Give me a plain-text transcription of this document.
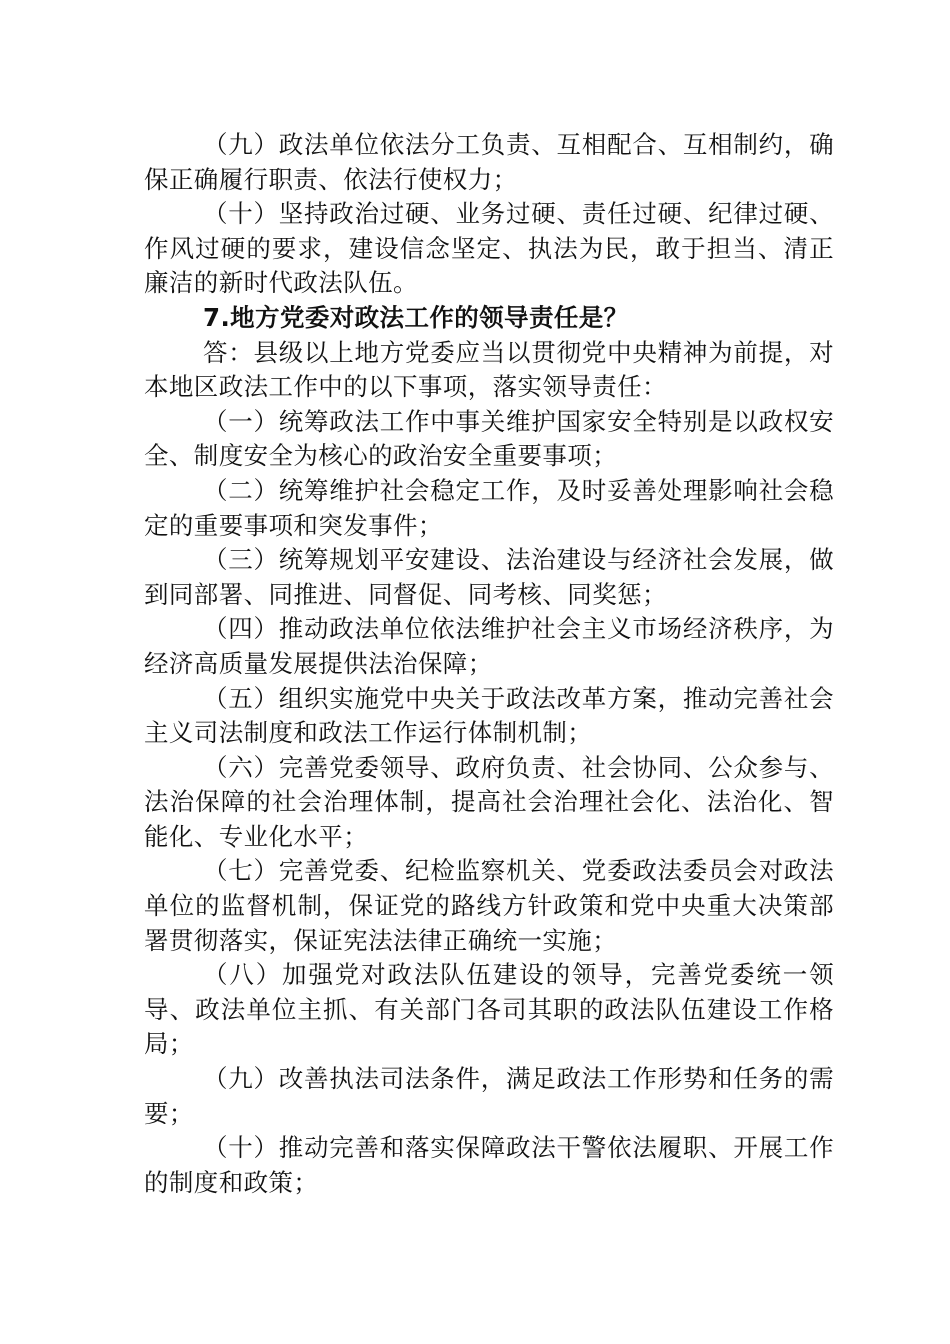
（九）政法单位依法分工负责、互相配合、互相制约，确保正确履行职责、依法行使权力；

（十）坚持政治过硬、业务过硬、责任过硬、纪律过硬、作风过硬的要求，建设信念坚定、执法为民，敢于担当、清正廉洁的新时代政法队伍。

7.地方党委对政法工作的领导责任是？

答：县级以上地方党委应当以贯彻党中央精神为前提，对本地区政法工作中的以下事项，落实领导责任：

（一）统筹政法工作中事关维护国家安全特别是以政权安全、制度安全为核心的政治安全重要事项；

（二）统筹维护社会稳定工作，及时妥善处理影响社会稳定的重要事项和突发事件；

（三）统筹规划平安建设、法治建设与经济社会发展，做到同部署、同推进、同督促、同考核、同奖惩；

（四）推动政法单位依法维护社会主义市场经济秩序，为经济高质量发展提供法治保障；

（五）组织实施党中央关于政法改革方案，推动完善社会主义司法制度和政法工作运行体制机制；

（六）完善党委领导、政府负责、社会协同、公众参与、法治保障的社会治理体制，提高社会治理社会化、法治化、智能化、专业化水平；

（七）完善党委、纪检监察机关、党委政法委员会对政法单位的监督机制，保证党的路线方针政策和党中央重大决策部署贯彻落实，保证宪法法律正确统一实施；

（八）加强党对政法队伍建设的领导，完善党委统一领导、政法单位主抓、有关部门各司其职的政法队伍建设工作格局；

（九）改善执法司法条件，满足政法工作形势和任务的需要；

（十）推动完善和落实保障政法干警依法履职、开展工作的制度和政策；
